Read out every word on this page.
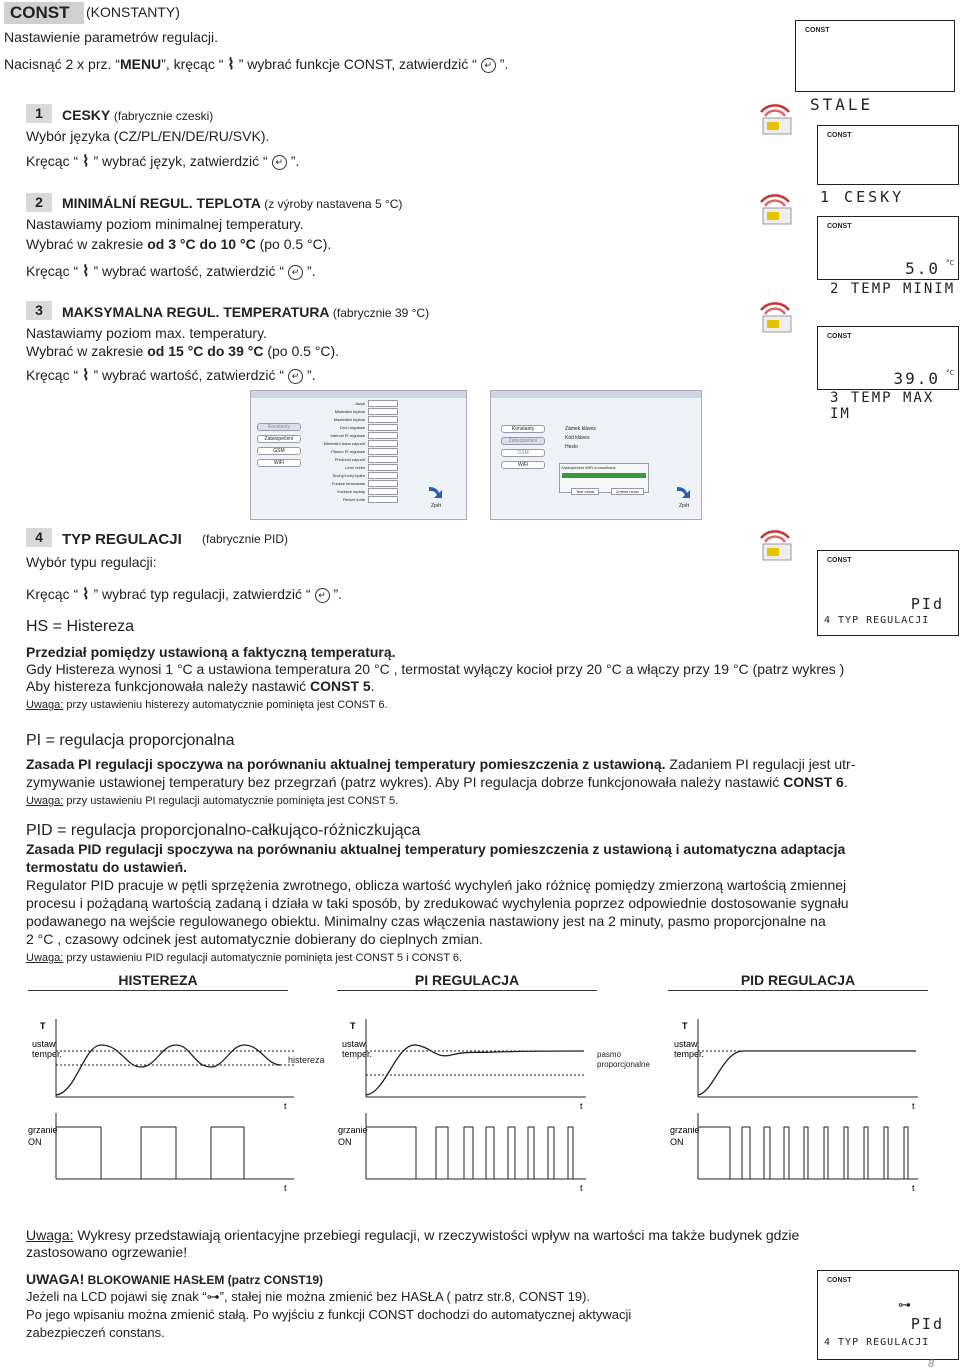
CONST	(KONSTANTY)
Nastawienie parametrów regulacji.
Nacisnąć 2 x prz. “MENU”, kręcąc “ ⌇ ” wybrać funkcje CONST, zatwierdzić “ ↵ ”.
CONST
STALE
1	CESKY (fabrycznie czeski)
Wybór języka (CZ/PL/EN/DE/RU/SVK).
Kręcąc “ ⌇ ” wybrać język, zatwierdzić “ ↵ ”.
CONST
1 CESKY
2	MINIMÁLNÍ REGUL. TEPLOTA (z výroby nastavena 5 °C)
Nastawiamy poziom minimalnej temperatury.
Wybrać w zakresie od 3 °C do 10 °C (po 0.5 °C).
Kręcąc “ ⌇ ” wybrać wartość, zatwierdzić “ ↵ ”.
CONST
5.0 °C
2 TEMP MINIM
3	MAKSYMALNA REGUL. TEMPERATURA (fabrycznie 39 °C)
Nastawiamy poziom max. temperatury.
Wybrać w zakresie od 15 °C do 39 °C (po 0.5 °C).
Kręcąc “ ⌇ ” wybrać wartość, zatwierdzić “ ↵ ”.
CONST
39.0 °C
3 TEMP MAX IM
Konstanty
Zabezpečení
GSM
WiFi
Jazyk
Minimální teplota
Maximální teplota
Druh regulace
Interval PI regulace
Minimální doba zapnutí
Pásmo PI regulace
Přednost zapnutí
Letní režim
Suchý/Lichý týden
Funkce termostatu
Korekce teploty
Revize tuhle
Zpět
Konstanty
Zabezpečení
GSM
WiFi
Zámek kláves
Kód kláves
Heslo
Zabezpečení WiFi komunikace
Test hesla	Změnit heslo
Zpět
4	TYP REGULACJI (fabrycznie PID)
Wybór typu regulacji:
Kręcąc “ ⌇ ” wybrać typ regulacji, zatwierdzić “ ↵ ”.
CONST
PId
4 TYP REGULACJI
HS = Histereza
Przedział pomiędzy ustawioną a faktyczną temperaturą.
Gdy Histereza wynosi 1 °C a ustawiona temperatura 20 °C , termostat wyłączy kocioł przy 20 °C a włączy przy 19 °C (patrz wykres )
Aby histereza funkcjonowała należy nastawić CONST 5.
Uwaga: przy ustawieniu histerezy automatycznie pominięta jest CONST 6.
PI = regulacja proporcjonalna
Zasada PI regulacji spoczywa na porównaniu aktualnej temperatury pomieszczenia z ustawioną. Zadaniem PI regulacji jest utr-
zymywanie ustawionej temperatury bez przegrzań (patrz wykres). Aby PI regulacja dobrze funkcjonowała należy nastawić CONST 6.
Uwaga: przy ustawieniu PI regulacji automatycznie pominięta jest CONST 5.
PID = regulacja proporcjonalno-całkująco-różniczkująca
Zasada PID regulacji spoczywa na porównaniu aktualnej temperatury pomieszczenia z ustawioną i automatyczna adaptacja
termostatu do ustawień.
Regulator PID pracuje w pętli sprzężenia zwrotnego, oblicza wartość wychyleń jako różnicę pomiędzy zmierzoną wartością zmiennej
procesu i pożądaną wartością zadaną i działa w taki sposób, by zredukować wychylenia poprzez odpowiednie dostosowanie sygnału
podawanego na wejście regulowanego obiektu. Minimalny czas włączenia nastawiony jest na 2 minuty, pasmo proporcjonalne na
2 °C , czasowy odcinek jest automatycznie dobierany do cieplnych zmian.
Uwaga: przy ustawieniu PID regulacji automatycznie pominięta jest CONST 5 i CONST 6.
HISTEREZA	PI REGULACJA	PID REGULACJA
T
ustaw.
temper.
t
grzanie
ON
t
histereza
T
ustaw.
temper.
t
grzanie
ON
t
pasmo
proporcjonalne
T
ustaw.
temper.
t
grzanie
ON
t
Uwaga: Wykresy przedstawiają orientacyjne przebiegi regulacji, w rzeczywistości wpływ na wartości ma także budynek gdzie
zastosowano ogrzewanie!
UWAGA! BLOKOWANIE HASŁEM (patrz CONST19)
Jeżeli na LCD pojawi się znak “⊶”, stałej nie można zmienić bez HASŁA ( patrz str.8, CONST 19).
Po jego wpisaniu można zmienić stałą. Po wyjściu z funkcji CONST dochodzi do automatycznej aktywacji
zabezpieczeń constans.
CONST
⊶
PId
4 TYP REGULACJI
8
